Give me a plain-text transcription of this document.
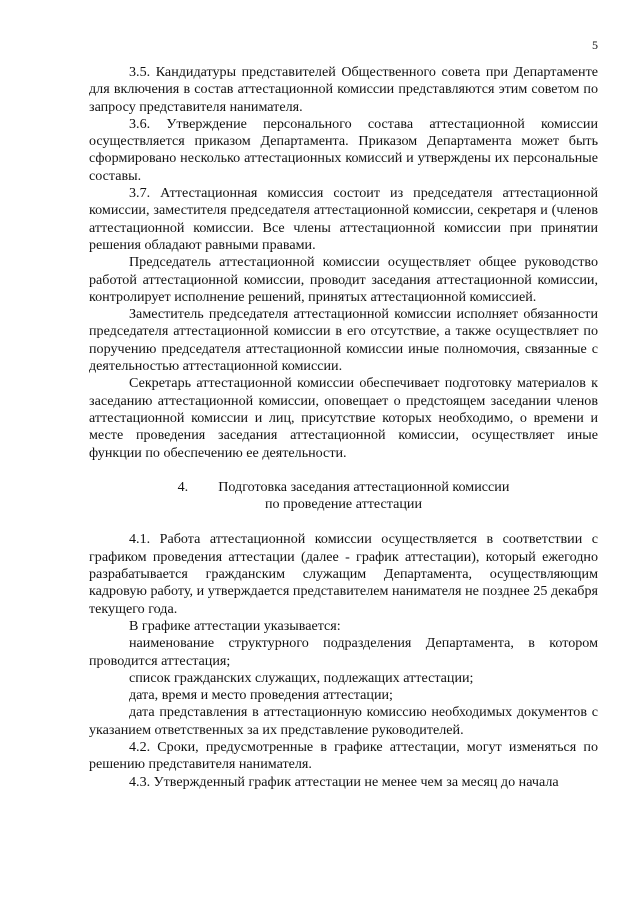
5

3.5. Кандидатуры представителей Общественного совета при Департаменте для включения в состав аттестационной комиссии представляются этим советом по запросу представителя нанимателя.

3.6. Утверждение персонального состава аттестационной комиссии осуществляется приказом Департамента. Приказом Департамента может быть сформировано несколько аттестационных комиссий и утверждены их персональные составы.

3.7. Аттестационная комиссия состоит из председателя аттестационной комиссии, заместителя председателя аттестационной комиссии, секретаря и (членов аттестационной комиссии. Все члены аттестационной комиссии при принятии решения обладают равными правами.

Председатель аттестационной комиссии осуществляет общее руководство работой аттестационной комиссии, проводит заседания аттестационной комиссии, контролирует исполнение решений, принятых аттестационной комиссией.

Заместитель председателя аттестационной комиссии исполняет обязанности председателя аттестационной комиссии в его отсутствие, а также осуществляет по поручению председателя аттестационной комиссии иные полномочия, связанные с деятельностью аттестационной комиссии.

Секретарь аттестационной комиссии обеспечивает подготовку материалов к заседанию аттестационной комиссии, оповещает о предстоящем заседании членов аттестационной комиссии и лиц, присутствие которых необходимо, о времени и месте проведения заседания аттестационной комиссии, осуществляет иные функции по обеспечению ее деятельности.

4. Подготовка заседания аттестационной комиссии
по проведение аттестации

4.1. Работа аттестационной комиссии осуществляется в соответствии с графиком проведения аттестации (далее - график аттестации), который ежегодно разрабатывается гражданским служащим Департамента, осуществляющим кадровую работу, и утверждается представителем нанимателя не позднее 25 декабря текущего года.

В графике аттестации указывается:

наименование структурного подразделения Департамента, в котором проводится аттестация;

список гражданских служащих, подлежащих аттестации;

дата, время и место проведения аттестации;

дата представления в аттестационную комиссию необходимых документов с указанием ответственных за их представление руководителей.

4.2. Сроки, предусмотренные в графике аттестации, могут изменяться по решению представителя нанимателя.

4.3. Утвержденный график аттестации не менее чем за месяц до начала
